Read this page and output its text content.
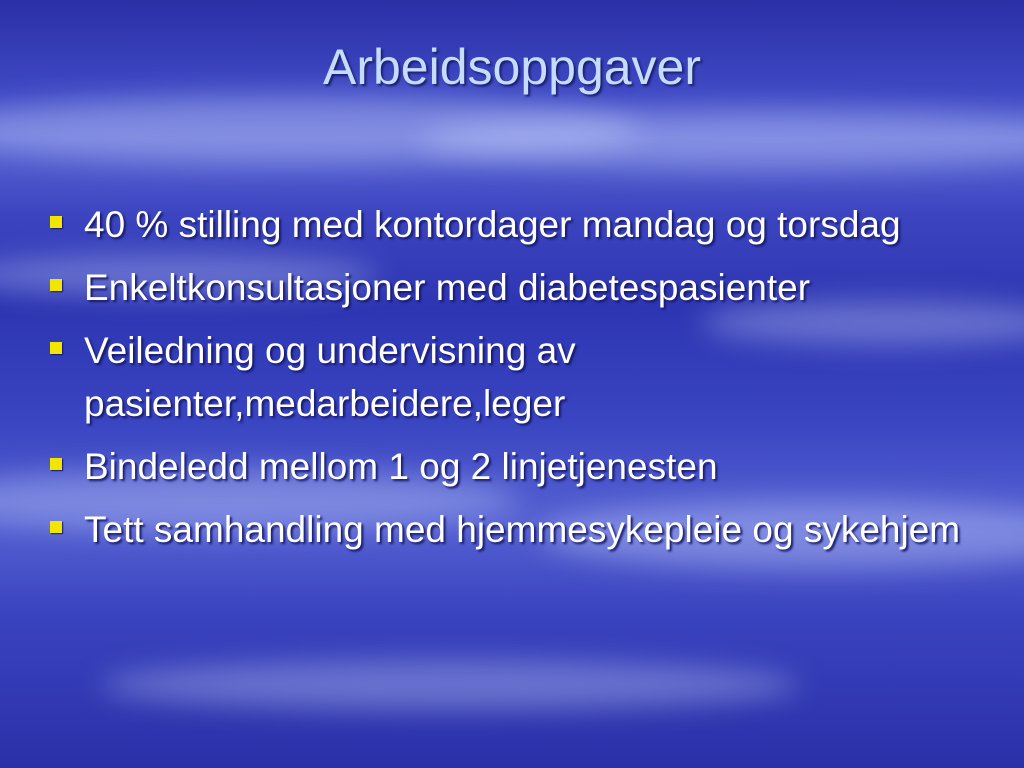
Arbeidsoppgaver
40 % stilling med kontordager mandag og torsdag
Enkeltkonsultasjoner med diabetespasienter
Veiledning og undervisning av pasienter,medarbeidere,leger
Bindeledd mellom 1 og 2 linjetjenesten
Tett samhandling med hjemmesykepleie og sykehjem
